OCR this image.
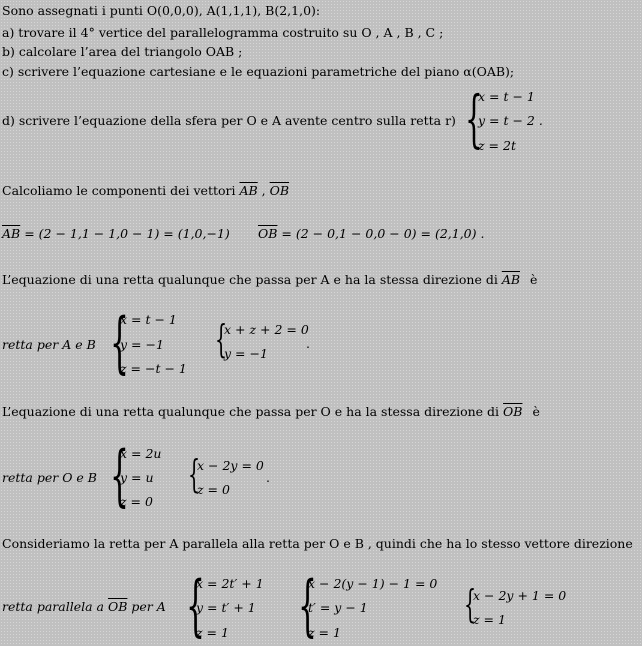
Sono assegnati i punti O(0,0,0), A(1,1,1), B(2,1,0):
a) trovare il 4° vertice del parallelogramma costruito su O , A , B , C ;
b) calcolare l’area del triangolo OAB ;
c) scrivere l’equazione cartesiane e le equazioni parametriche del piano α(OAB);
d) scrivere l’equazione della sfera per O e A avente centro sulla retta r) {
x = t − 1
y = t − 2 .
z = 2t
Calcoliamo le componenti dei vettori $\overline{AB}$ , $\overline{OB}$
$\overline{AB} = (2 - 1,1 - 1,0 - 1) = (1,0,-1) \overline{OB} = (2 - 0,1 - 0,0 - 0) = (2,1,0)$ .
L’equazione di una retta qualunque che passa per A e ha la stessa direzione di $\overline{AB}$ è
retta per A e B {
x = t − 1
y = −1
z = −t − 1
{
x + z + 2 = 0
y = −1
.
L’equazione di una retta qualunque che passa per O e ha la stessa direzione di $\overline{OB}$ è
retta per O e B {
x = 2u
y = u
z = 0
{
x − 2y = 0
z = 0
.
Consideriamo la retta per A parallela alla retta per O e B , quindi che ha lo stesso vettore direzione
retta parallela a $\overline{OB}$ per A {
x = 2t′ + 1
y = t′ + 1
z = 1 {
x − 2(y − 1) − 1 = 0
t′ = y − 1
z = 1
{
x − 2y + 1 = 0
z = 1
